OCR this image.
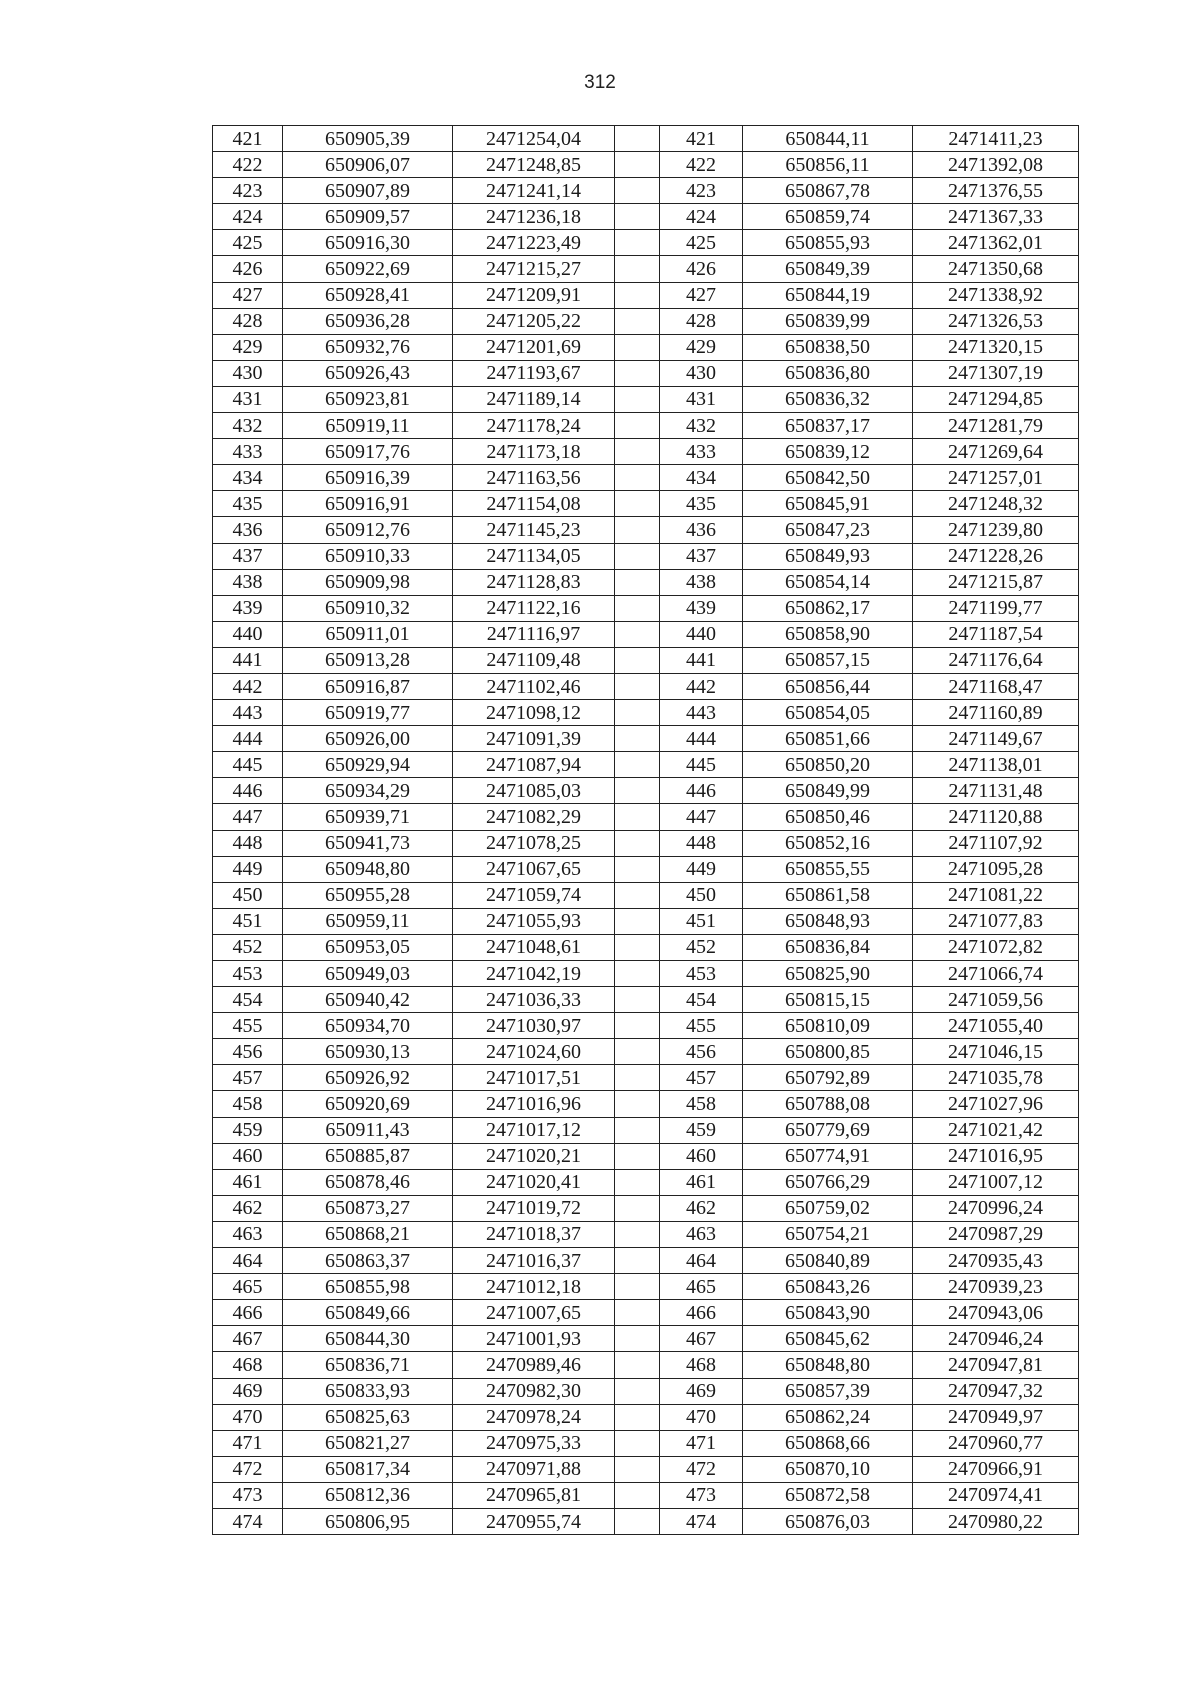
312
421	650905,39	2471254,04		421	650844,11	2471411,23
422	650906,07	2471248,85		422	650856,11	2471392,08
423	650907,89	2471241,14		423	650867,78	2471376,55
424	650909,57	2471236,18		424	650859,74	2471367,33
425	650916,30	2471223,49		425	650855,93	2471362,01
426	650922,69	2471215,27		426	650849,39	2471350,68
427	650928,41	2471209,91		427	650844,19	2471338,92
428	650936,28	2471205,22		428	650839,99	2471326,53
429	650932,76	2471201,69		429	650838,50	2471320,15
430	650926,43	2471193,67		430	650836,80	2471307,19
431	650923,81	2471189,14		431	650836,32	2471294,85
432	650919,11	2471178,24		432	650837,17	2471281,79
433	650917,76	2471173,18		433	650839,12	2471269,64
434	650916,39	2471163,56		434	650842,50	2471257,01
435	650916,91	2471154,08		435	650845,91	2471248,32
436	650912,76	2471145,23		436	650847,23	2471239,80
437	650910,33	2471134,05		437	650849,93	2471228,26
438	650909,98	2471128,83		438	650854,14	2471215,87
439	650910,32	2471122,16		439	650862,17	2471199,77
440	650911,01	2471116,97		440	650858,90	2471187,54
441	650913,28	2471109,48		441	650857,15	2471176,64
442	650916,87	2471102,46		442	650856,44	2471168,47
443	650919,77	2471098,12		443	650854,05	2471160,89
444	650926,00	2471091,39		444	650851,66	2471149,67
445	650929,94	2471087,94		445	650850,20	2471138,01
446	650934,29	2471085,03		446	650849,99	2471131,48
447	650939,71	2471082,29		447	650850,46	2471120,88
448	650941,73	2471078,25		448	650852,16	2471107,92
449	650948,80	2471067,65		449	650855,55	2471095,28
450	650955,28	2471059,74		450	650861,58	2471081,22
451	650959,11	2471055,93		451	650848,93	2471077,83
452	650953,05	2471048,61		452	650836,84	2471072,82
453	650949,03	2471042,19		453	650825,90	2471066,74
454	650940,42	2471036,33		454	650815,15	2471059,56
455	650934,70	2471030,97		455	650810,09	2471055,40
456	650930,13	2471024,60		456	650800,85	2471046,15
457	650926,92	2471017,51		457	650792,89	2471035,78
458	650920,69	2471016,96		458	650788,08	2471027,96
459	650911,43	2471017,12		459	650779,69	2471021,42
460	650885,87	2471020,21		460	650774,91	2471016,95
461	650878,46	2471020,41		461	650766,29	2471007,12
462	650873,27	2471019,72		462	650759,02	2470996,24
463	650868,21	2471018,37		463	650754,21	2470987,29
464	650863,37	2471016,37		464	650840,89	2470935,43
465	650855,98	2471012,18		465	650843,26	2470939,23
466	650849,66	2471007,65		466	650843,90	2470943,06
467	650844,30	2471001,93		467	650845,62	2470946,24
468	650836,71	2470989,46		468	650848,80	2470947,81
469	650833,93	2470982,30		469	650857,39	2470947,32
470	650825,63	2470978,24		470	650862,24	2470949,97
471	650821,27	2470975,33		471	650868,66	2470960,77
472	650817,34	2470971,88		472	650870,10	2470966,91
473	650812,36	2470965,81		473	650872,58	2470974,41
474	650806,95	2470955,74		474	650876,03	2470980,22
